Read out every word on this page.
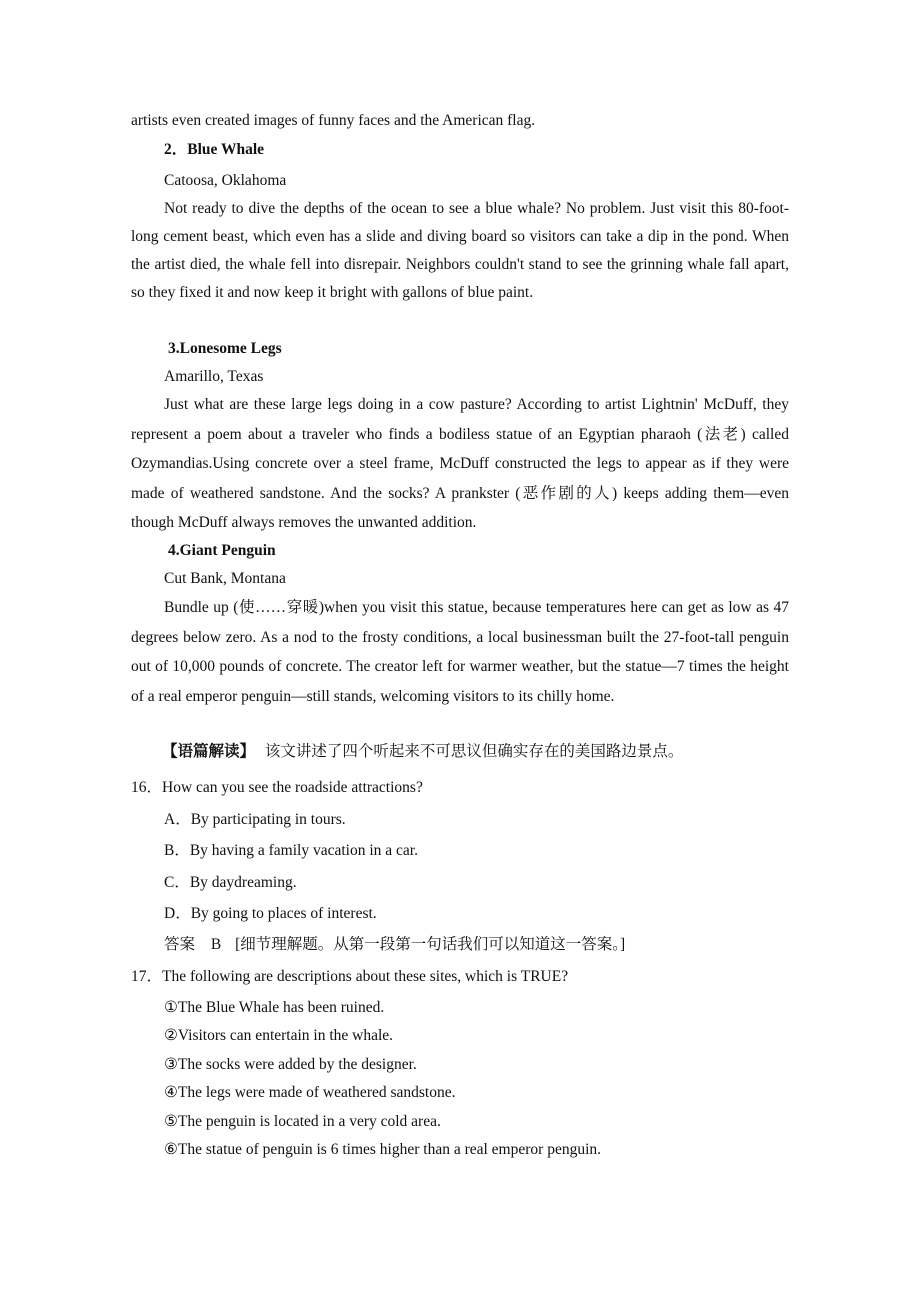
artists even created images of funny faces and the American flag.
2．Blue Whale
Catoosa, Oklahoma

Not ready to dive the depths of the ocean to see a blue whale? No problem. Just visit this 80-foot-long cement beast, which even has a slide and diving board so visitors can take a dip in the pond. When the artist died, the whale fell into disrepair. Neighbors couldn't stand to see the grinning whale fall apart, so they fixed it and now keep it bright with gallons of blue paint.

3.Lonesome Legs
Amarillo, Texas

Just what are these large legs doing in a cow pasture? According to artist Lightnin' McDuff, they represent a poem about a traveler who finds a bodiless statue of an Egyptian pharaoh (法老) called Ozymandias.Using concrete over a steel frame, McDuff constructed the legs to appear as if they were made of weathered sandstone. And the socks? A prankster (恶作剧的人) keeps adding them—even though McDuff always removes the unwanted addition.

4.Giant Penguin
Cut Bank, Montana

Bundle up (使……穿暖)when you visit this statue, because temperatures here can get as low as 47 degrees below zero. As a nod to the frosty conditions, a local businessman built the 27-foot-tall penguin out of 10,000 pounds of concrete. The creator left for warmer weather, but the statue—7 times the height of a real emperor penguin—still stands, welcoming visitors to its chilly home.

【语篇解读】 该文讲述了四个听起来不可思议但确实存在的美国路边景点。
16．How can you see the roadside attractions?
A．By participating in tours.
B．By having a family vacation in a car.
C．By daydreaming.
D．By going to places of interest.
答案 B [细节理解题。从第一段第一句话我们可以知道这一答案。]
17．The following are descriptions about these sites, which is TRUE?
①The Blue Whale has been ruined.
②Visitors can entertain in the whale.
③The socks were added by the designer.
④The legs were made of weathered sandstone.
⑤The penguin is located in a very cold area.
⑥The statue of penguin is 6 times higher than a real emperor penguin.
